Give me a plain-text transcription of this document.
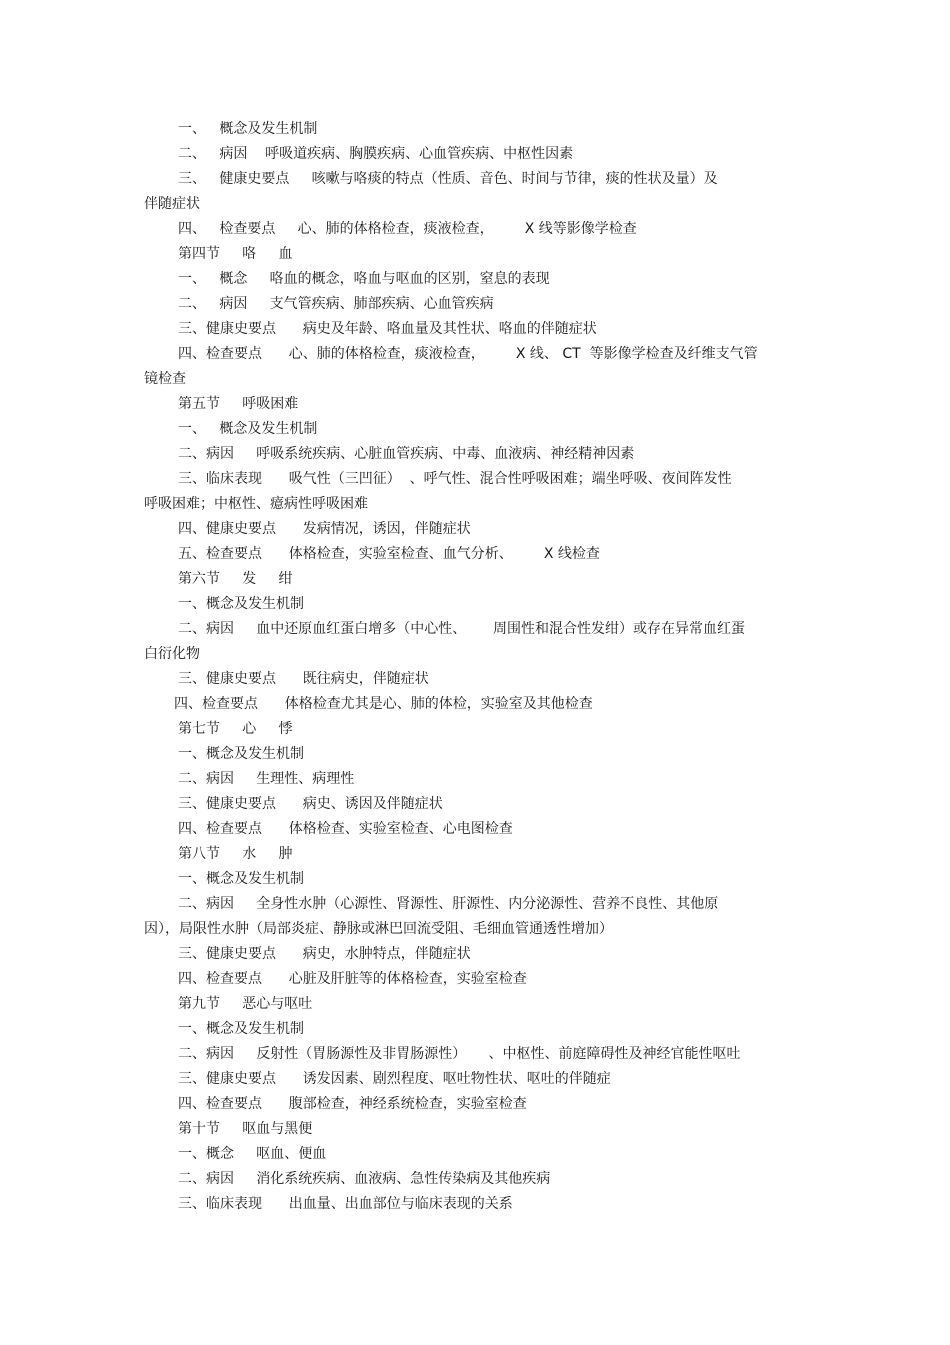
一、   概念及发生机制
二、   病因    呼吸道疾病、胸膜疾病、心血管疾病、中枢性因素
三、   健康史要点     咳嗽与咯痰的特点（性质、音色、时间与节律，痰的性状及量）及
伴随症状
四、   检查要点     心、肺的体格检查，痰液检查，       X 线等影像学检查
第四节     咯     血
一、   概念     咯血的概念，咯血与呕血的区别，窒息的表现
二、   病因     支气管疾病、肺部疾病、心血管疾病
三、健康史要点      病史及年龄、咯血量及其性状、咯血的伴随症状
四、检查要点      心、肺的体格检查，痰液检查，       X 线、 CT  等影像学检查及纤维支气管
镜检查
第五节     呼吸困难
一、   概念及发生机制
二、病因     呼吸系统疾病、心脏血管疾病、中毒、血液病、神经精神因素
三、临床表现      吸气性（三凹征）  、呼气性、混合性呼吸困难；端坐呼吸、夜间阵发性
呼吸困难；中枢性、癔病性呼吸困难
四、健康史要点      发病情况，诱因，伴随症状
五、检查要点      体格检查，实验室检查、血气分析、       X 线检查
第六节     发     绀
一、概念及发生机制
二、病因     血中还原血红蛋白增多（中心性、      周围性和混合性发绀）或存在异常血红蛋
白衍化物
三、健康史要点      既往病史，伴随症状
四、检查要点      体格检查尤其是心、肺的体检，实验室及其他检查
第七节     心     悸
一、概念及发生机制
二、病因     生理性、病理性
三、健康史要点      病史、诱因及伴随症状
四、检查要点      体格检查、实验室检查、心电图检查
第八节     水     肿
一、概念及发生机制
二、病因     全身性水肿（心源性、肾源性、肝源性、内分泌源性、营养不良性、其他原
因），局限性水肿（局部炎症、静脉或淋巴回流受阻、毛细血管通透性增加）
三、健康史要点      病史，水肿特点，伴随症状
四、检查要点      心脏及肝脏等的体格检查，实验室检查
第九节     恶心与呕吐
一、概念及发生机制
二、病因     反射性（胃肠源性及非胃肠源性）     、中枢性、前庭障碍性及神经官能性呕吐
三、健康史要点      诱发因素、剧烈程度、呕吐物性状、呕吐的伴随症
四、检查要点      腹部检查，神经系统检查，实验室检查
第十节     呕血与黑便
一、概念     呕血、便血
二、病因     消化系统疾病、血液病、急性传染病及其他疾病
三、临床表现      出血量、出血部位与临床表现的关系
